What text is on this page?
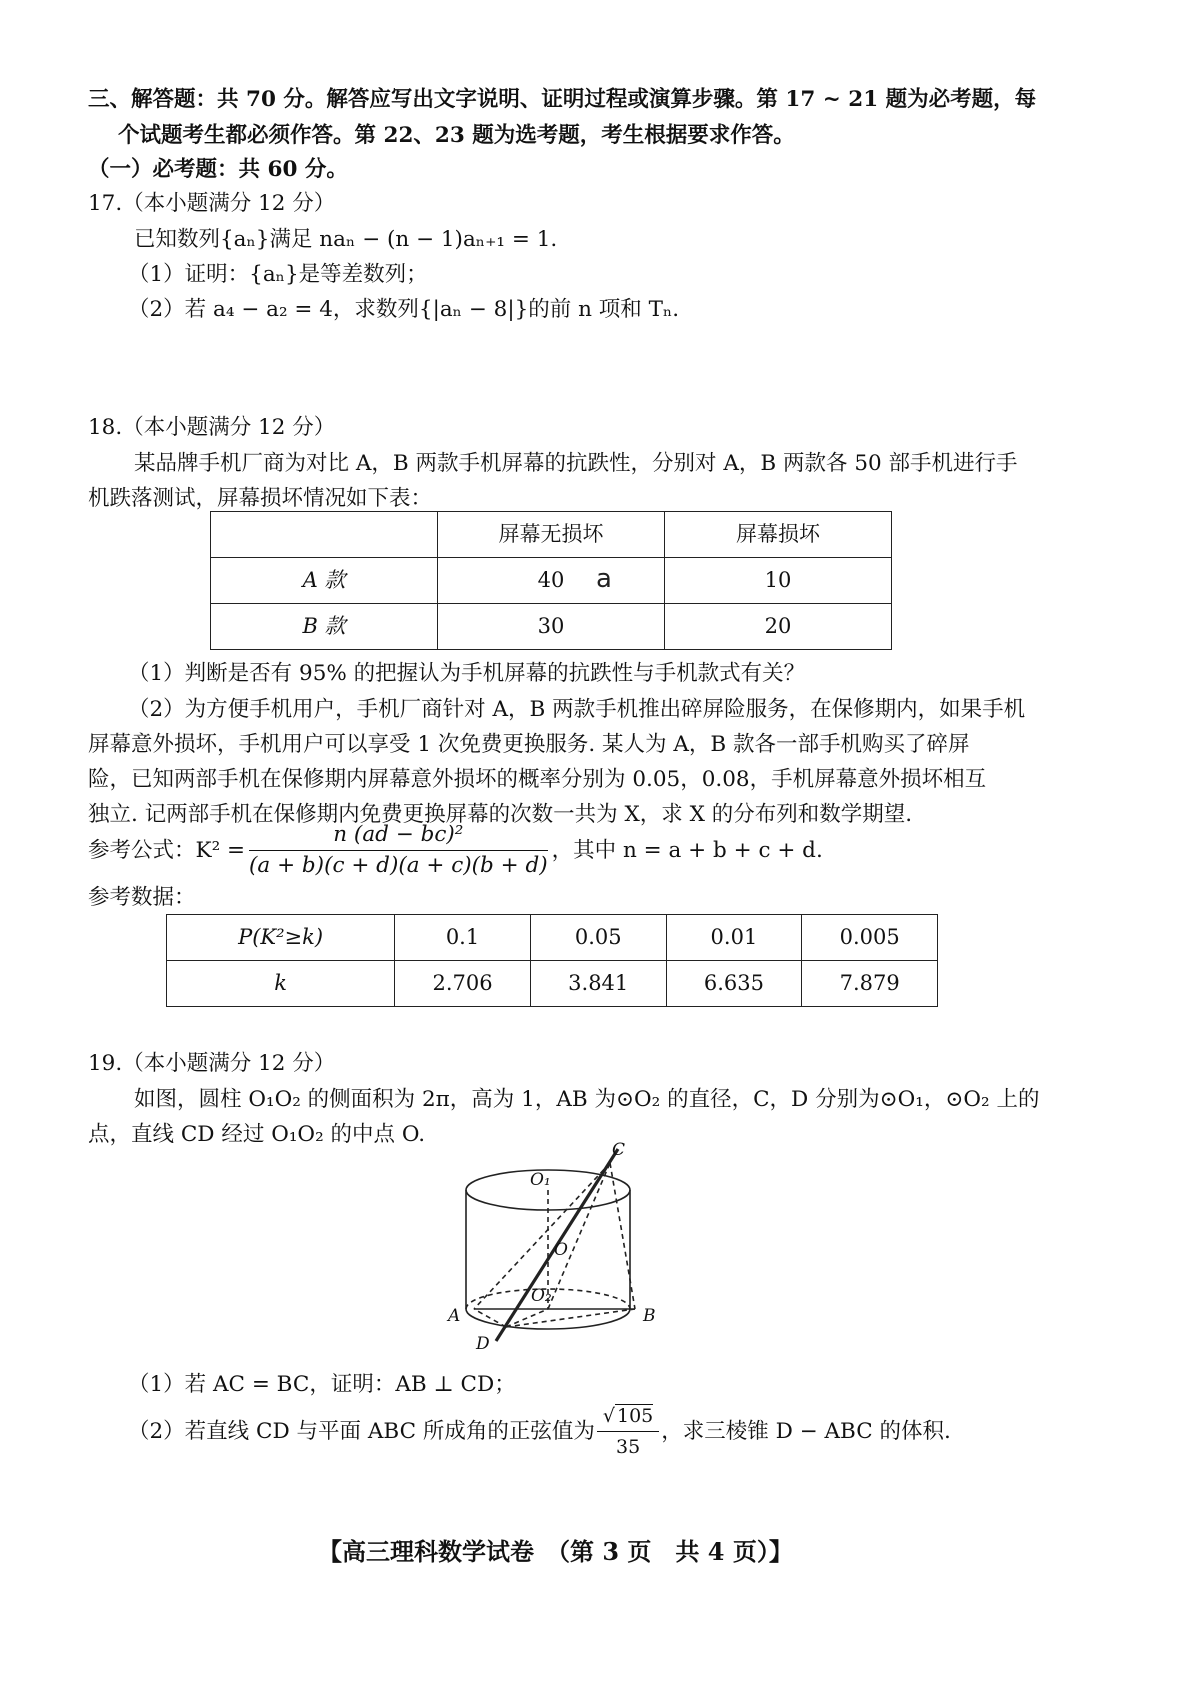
三、解答题：共 70 分。解答应写出文字说明、证明过程或演算步骤。第 17 ~ 21 题为必考题，每
个试题考生都必须作答。第 22、23 题为选考题，考生根据要求作答。
（一）必考题：共 60 分。
17.（本小题满分 12 分）
已知数列{aₙ}满足 naₙ − (n − 1)aₙ₊₁ = 1.
（1）证明：{aₙ}是等差数列；
（2）若 a₄ − a₂ = 4，求数列{|aₙ − 8|}的前 n 项和 Tₙ.
18.（本小题满分 12 分）
某品牌手机厂商为对比 A，B 两款手机屏幕的抗跌性，分别对 A，B 两款各 50 部手机进行手
机跌落测试，屏幕损坏情况如下表：
	屏幕无损坏	屏幕损坏
A 款	40 a	10
B 款	30	20
（1）判断是否有 95% 的把握认为手机屏幕的抗跌性与手机款式有关？
（2）为方便手机用户，手机厂商针对 A，B 两款手机推出碎屏险服务，在保修期内，如果手机
屏幕意外损坏，手机用户可以享受 1 次免费更换服务. 某人为 A，B 款各一部手机购买了碎屏
险，已知两部手机在保修期内屏幕意外损坏的概率分别为 0.05，0.08，手机屏幕意外损坏相互
独立. 记两部手机在保修期内免费更换屏幕的次数一共为 X，求 X 的分布列和数学期望.
参考公式：$K^2 = \frac{\text{n (ad − bc)²}}{(a + b)(c + d)(a + c)(b + d)}$ ，其中 n = a + b + c + d.
参考数据：
P(K²≥k)	0.1	0.05	0.01	0.005
k	2.706	3.841	6.635	7.879
19.（本小题满分 12 分）
如图，圆柱 O₁O₂ 的侧面积为 2π，高为 1，AB 为⊙O₂ 的直径，C，D 分别为⊙O₁，⊙O₂ 上的
点，直线 CD 经过 O₁O₂ 的中点 O.
C
O₁
O
O₂
A	B
D
（1）若 AC = BC，证明：AB ⊥ CD；
（2）若直线 CD 与平面 ABC 所成角的正弦值为 $\frac{√ 105}{35}$ ，求三棱锥 D − ABC 的体积.
【高三理科数学试卷　（第 3 页　共 4 页）】
